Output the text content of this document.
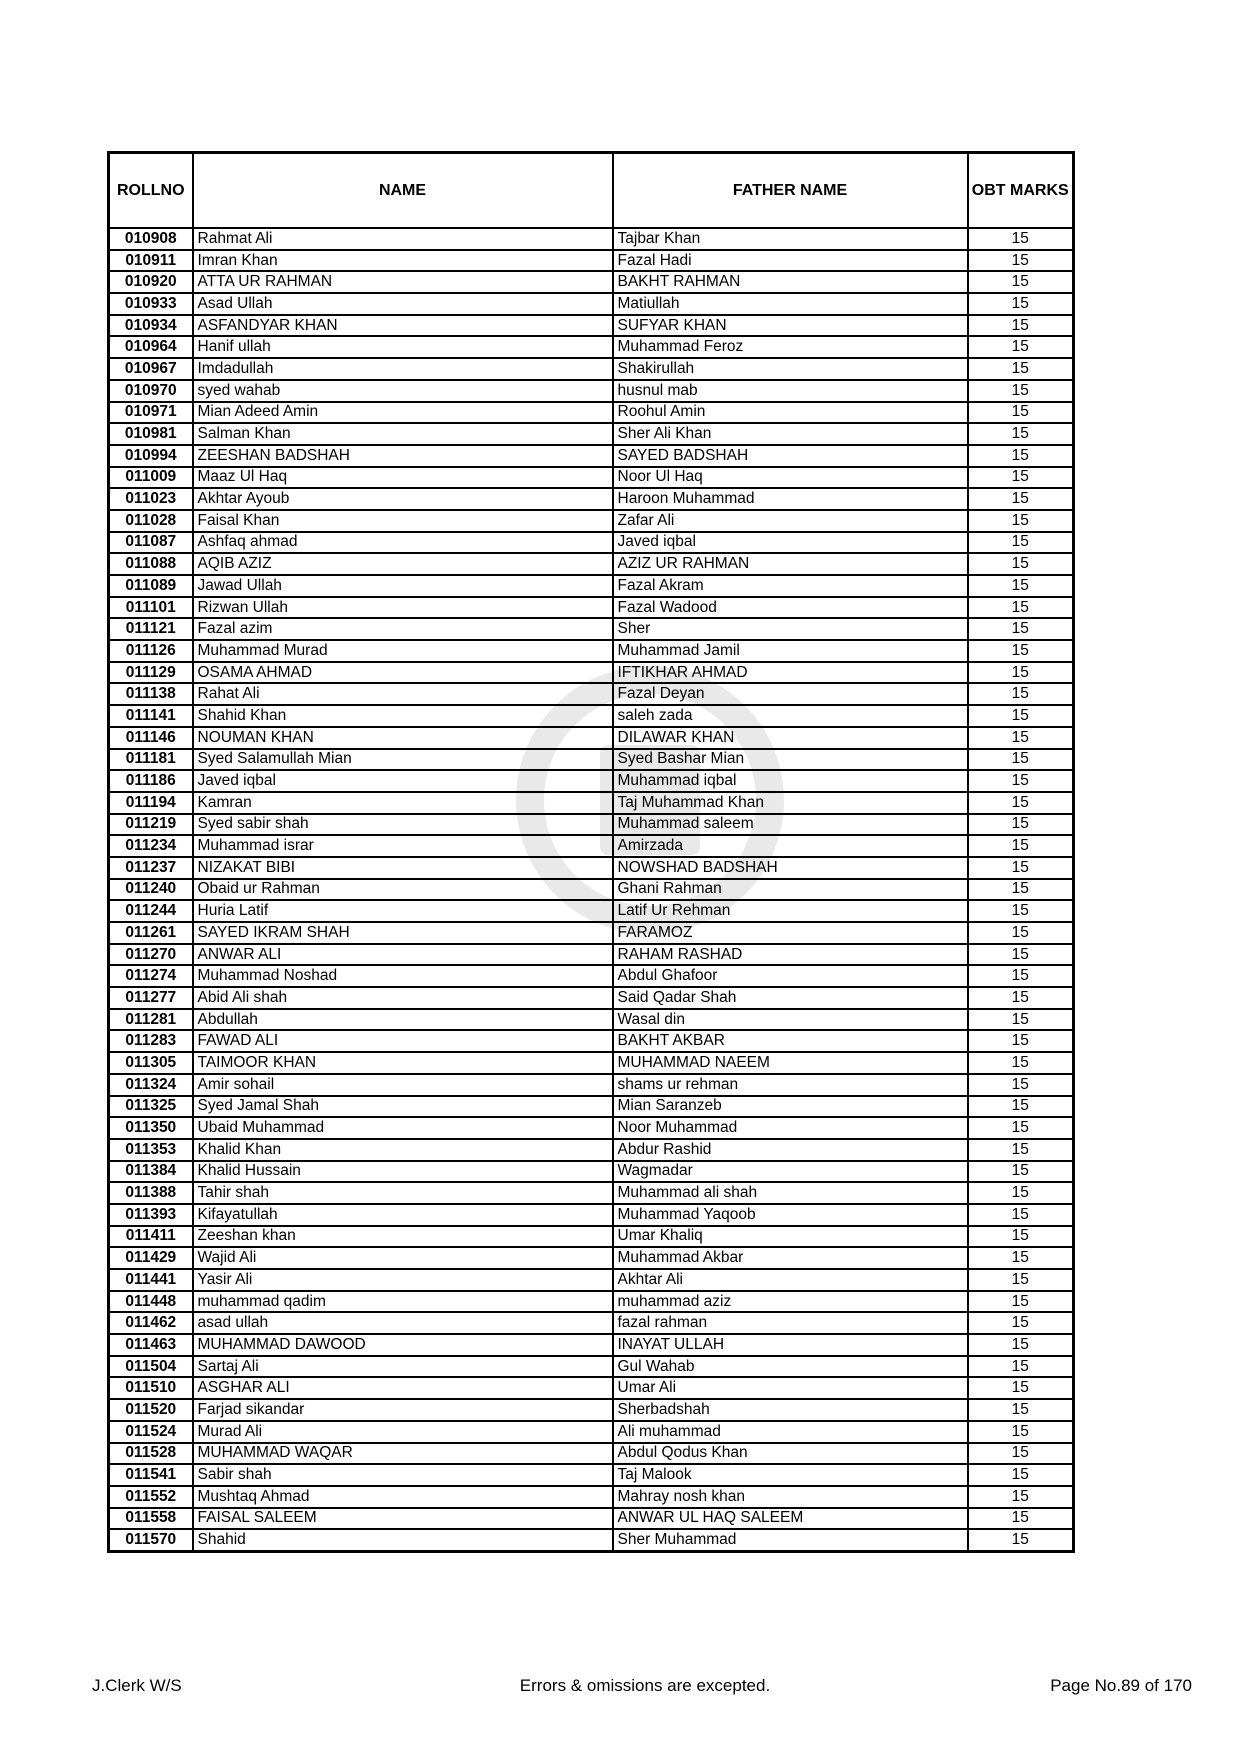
ROLLNO	NAME	FATHER NAME	OBT MARKS
010908	Rahmat Ali	Tajbar Khan	15
010911	Imran Khan	Fazal Hadi	15
010920	ATTA UR RAHMAN	BAKHT RAHMAN	15
010933	Asad Ullah	Matiullah	15
010934	ASFANDYAR KHAN	SUFYAR KHAN	15
010964	Hanif ullah	Muhammad Feroz	15
010967	Imdadullah	Shakirullah	15
010970	syed wahab	husnul mab	15
010971	Mian Adeed Amin	Roohul Amin	15
010981	Salman Khan	Sher Ali Khan	15
010994	ZEESHAN BADSHAH	SAYED BADSHAH	15
011009	Maaz Ul Haq	Noor Ul Haq	15
011023	Akhtar Ayoub	Haroon Muhammad	15
011028	Faisal Khan	Zafar Ali	15
011087	Ashfaq ahmad	Javed iqbal	15
011088	AQIB AZIZ	AZIZ UR RAHMAN	15
011089	Jawad Ullah	Fazal Akram	15
011101	Rizwan Ullah	Fazal Wadood	15
011121	Fazal azim	Sher	15
011126	Muhammad Murad	Muhammad Jamil	15
011129	OSAMA AHMAD	IFTIKHAR AHMAD	15
011138	Rahat Ali	Fazal Deyan	15
011141	Shahid Khan	saleh zada	15
011146	NOUMAN KHAN	DILAWAR KHAN	15
011181	Syed Salamullah Mian	Syed Bashar Mian	15
011186	Javed iqbal	Muhammad iqbal	15
011194	Kamran	Taj Muhammad Khan	15
011219	Syed sabir shah	Muhammad saleem	15
011234	Muhammad israr	Amirzada	15
011237	NIZAKAT BIBI	NOWSHAD BADSHAH	15
011240	Obaid ur Rahman	Ghani Rahman	15
011244	Huria Latif	Latif Ur Rehman	15
011261	SAYED IKRAM SHAH	FARAMOZ	15
011270	ANWAR ALI	RAHAM RASHAD	15
011274	Muhammad Noshad	Abdul Ghafoor	15
011277	Abid Ali shah	Said Qadar Shah	15
011281	Abdullah	Wasal din	15
011283	FAWAD ALI	BAKHT AKBAR	15
011305	TAIMOOR KHAN	MUHAMMAD NAEEM	15
011324	Amir sohail	shams ur rehman	15
011325	Syed Jamal Shah	Mian Saranzeb	15
011350	Ubaid Muhammad	Noor Muhammad	15
011353	Khalid Khan	Abdur Rashid	15
011384	Khalid Hussain	Wagmadar	15
011388	Tahir shah	Muhammad ali shah	15
011393	Kifayatullah	Muhammad Yaqoob	15
011411	Zeeshan khan	Umar Khaliq	15
011429	Wajid Ali	Muhammad Akbar	15
011441	Yasir Ali	Akhtar Ali	15
011448	muhammad qadim	muhammad aziz	15
011462	asad ullah	fazal rahman	15
011463	MUHAMMAD DAWOOD	INAYAT ULLAH	15
011504	Sartaj Ali	Gul Wahab	15
011510	ASGHAR ALI	Umar Ali	15
011520	Farjad sikandar	Sherbadshah	15
011524	Murad Ali	Ali muhammad	15
011528	MUHAMMAD WAQAR	Abdul Qodus Khan	15
011541	Sabir shah	Taj Malook	15
011552	Mushtaq Ahmad	Mahray nosh khan	15
011558	FAISAL SALEEM	ANWAR UL HAQ SALEEM	15
011570	Shahid	Sher Muhammad	15
J.Clerk W/S	Errors & omissions are excepted.	Page No.89 of 170
